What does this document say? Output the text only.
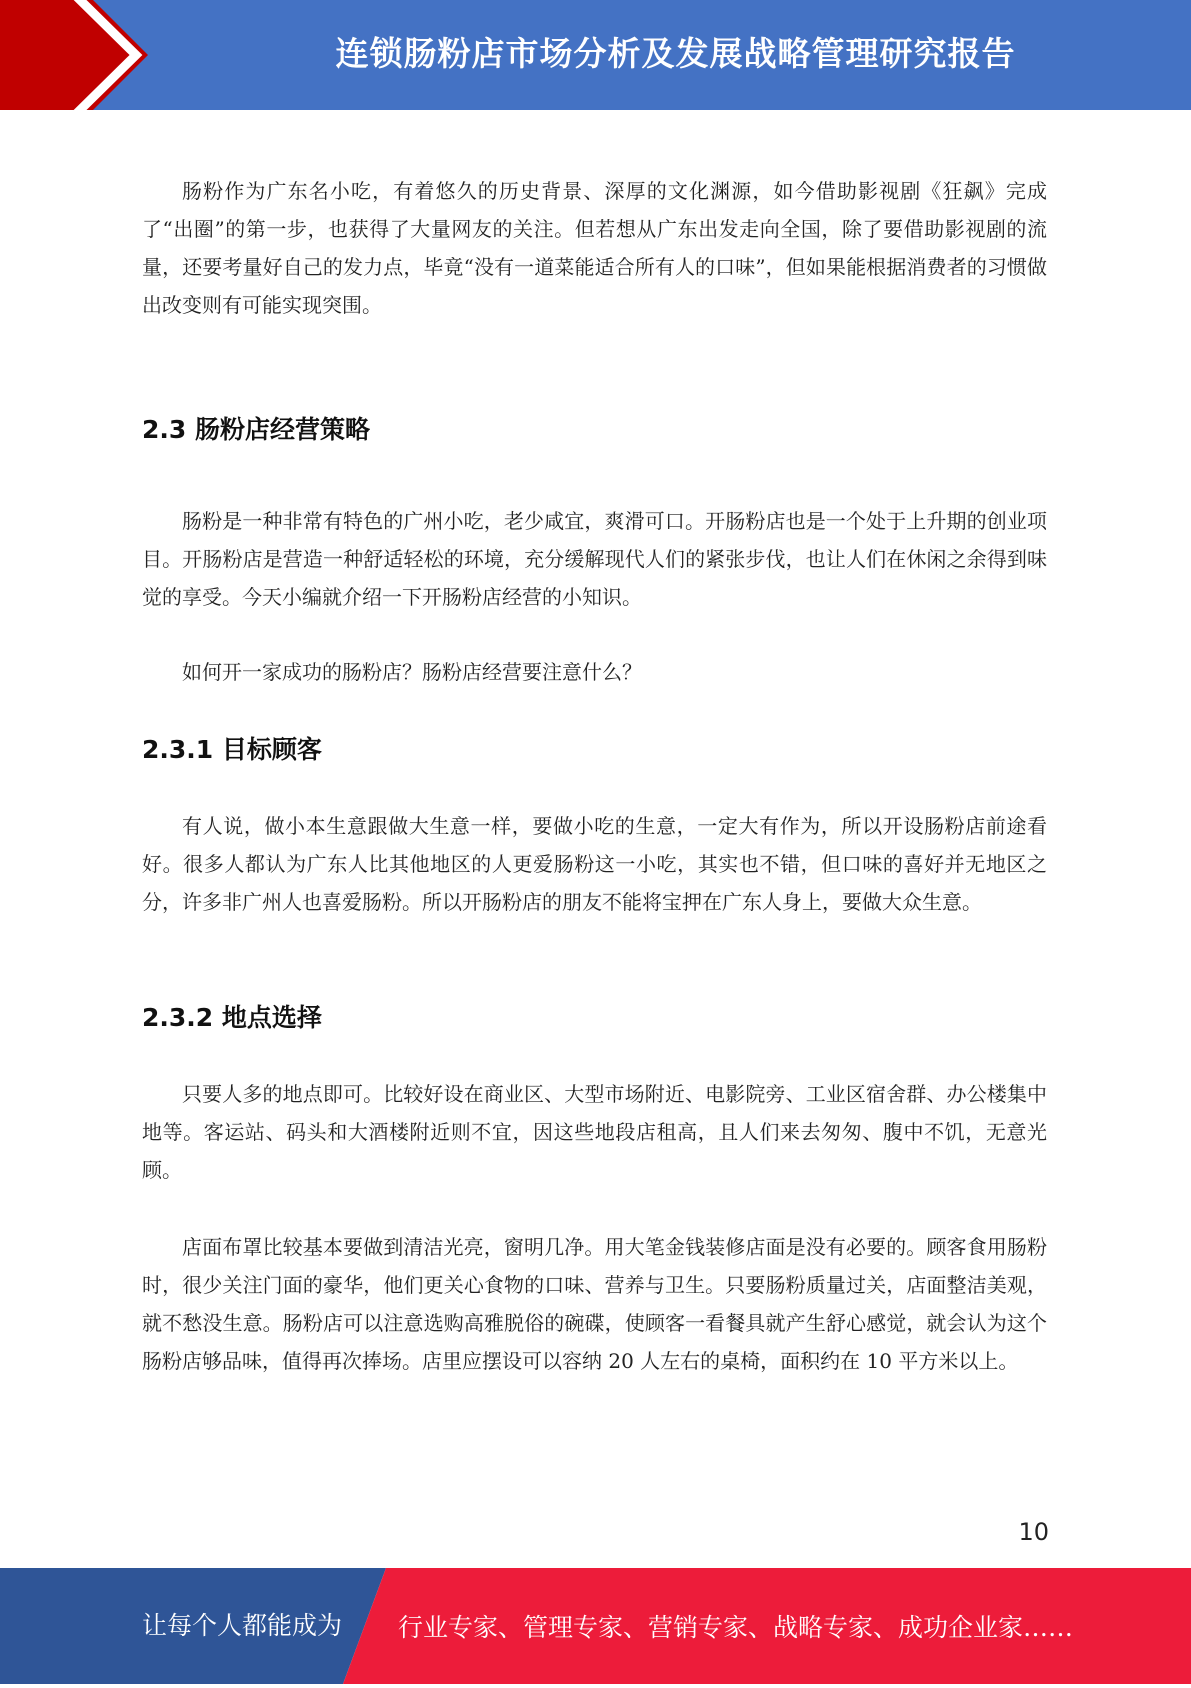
连锁肠粉店市场分析及发展战略管理研究报告

肠粉作为广东名小吃，有着悠久的历史背景、深厚的文化渊源，如今借助影视剧《狂飙》完成了“出圈”的第一步，也获得了大量网友的关注。但若想从广东出发走向全国，除了要借助影视剧的流量，还要考量好自己的发力点，毕竟“没有一道菜能适合所有人的口味”，但如果能根据消费者的习惯做出改变则有可能实现突围。

2.3 肠粉店经营策略

肠粉是一种非常有特色的广州小吃，老少咸宜，爽滑可口。开肠粉店也是一个处于上升期的创业项目。开肠粉店是营造一种舒适轻松的环境，充分缓解现代人们的紧张步伐，也让人们在休闲之余得到味觉的享受。今天小编就介绍一下开肠粉店经营的小知识。

如何开一家成功的肠粉店？肠粉店经营要注意什么？

2.3.1 目标顾客

有人说，做小本生意跟做大生意一样，要做小吃的生意，一定大有作为，所以开设肠粉店前途看好。很多人都认为广东人比其他地区的人更爱肠粉这一小吃，其实也不错，但口味的喜好并无地区之分，许多非广州人也喜爱肠粉。所以开肠粉店的朋友不能将宝押在广东人身上，要做大众生意。

2.3.2 地点选择

只要人多的地点即可。比较好设在商业区、大型市场附近、电影院旁、工业区宿舍群、办公楼集中地等。客运站、码头和大酒楼附近则不宜，因这些地段店租高，且人们来去匆匆、腹中不饥，无意光顾。

店面布罩比较基本要做到清洁光亮，窗明几净。用大笔金钱装修店面是没有必要的。顾客食用肠粉时，很少关注门面的豪华，他们更关心食物的口味、营养与卫生。只要肠粉质量过关，店面整洁美观，就不愁没生意。肠粉店可以注意选购高雅脱俗的碗碟，使顾客一看餐具就产生舒心感觉，就会认为这个肠粉店够品味，值得再次捧场。店里应摆设可以容纳 20 人左右的桌椅，面积约在 10 平方米以上。

10
让每个人都能成为 行业专家、管理专家、营销专家、战略专家、成功企业家……
